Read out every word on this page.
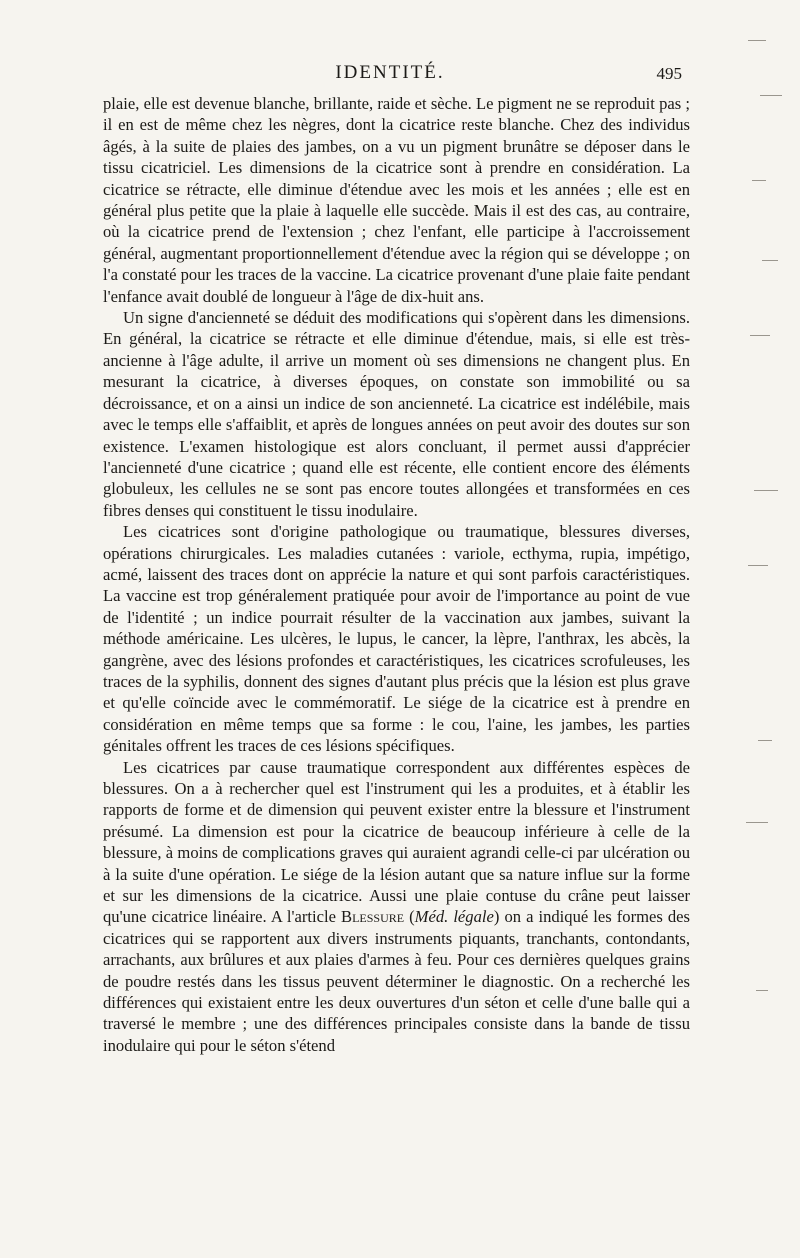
IDENTITÉ.	495

plaie, elle est devenue blanche, brillante, raide et sèche. Le pigment ne se reproduit pas ; il en est de même chez les nègres, dont la cicatrice reste blanche. Chez des individus âgés, à la suite de plaies des jambes, on a vu un pigment brunâtre se déposer dans le tissu cicatriciel. Les dimensions de la cicatrice sont à prendre en considération. La cicatrice se rétracte, elle diminue d'étendue avec les mois et les années ; elle est en général plus petite que la plaie à laquelle elle succède. Mais il est des cas, au contraire, où la cicatrice prend de l'extension ; chez l'enfant, elle participe à l'accroissement général, augmentant proportionnellement d'étendue avec la région qui se développe ; on l'a constaté pour les traces de la vaccine. La cicatrice provenant d'une plaie faite pendant l'enfance avait doublé de longueur à l'âge de dix-huit ans.

Un signe d'ancienneté se déduit des modifications qui s'opèrent dans les dimensions. En général, la cicatrice se rétracte et elle diminue d'étendue, mais, si elle est très-ancienne à l'âge adulte, il arrive un moment où ses dimensions ne changent plus. En mesurant la cicatrice, à diverses époques, on constate son immobilité ou sa décroissance, et on a ainsi un indice de son ancienneté. La cicatrice est indélébile, mais avec le temps elle s'affaiblit, et après de longues années on peut avoir des doutes sur son existence. L'examen histologique est alors concluant, il permet aussi d'apprécier l'ancienneté d'une cicatrice ; quand elle est récente, elle contient encore des éléments globuleux, les cellules ne se sont pas encore toutes allongées et transformées en ces fibres denses qui constituent le tissu inodulaire.

Les cicatrices sont d'origine pathologique ou traumatique, blessures diverses, opérations chirurgicales. Les maladies cutanées : variole, ecthyma, rupia, impétigo, acmé, laissent des traces dont on apprécie la nature et qui sont parfois caractéristiques. La vaccine est trop généralement pratiquée pour avoir de l'importance au point de vue de l'identité ; un indice pourrait résulter de la vaccination aux jambes, suivant la méthode américaine. Les ulcères, le lupus, le cancer, la lèpre, l'anthrax, les abcès, la gangrène, avec des lésions profondes et caractéristiques, les cicatrices scrofuleuses, les traces de la syphilis, donnent des signes d'autant plus précis que la lésion est plus grave et qu'elle coïncide avec le commémoratif. Le siége de la cicatrice est à prendre en considération en même temps que sa forme : le cou, l'aine, les jambes, les parties génitales offrent les traces de ces lésions spécifiques.

Les cicatrices par cause traumatique correspondent aux différentes espèces de blessures. On a à rechercher quel est l'instrument qui les a produites, et à établir les rapports de forme et de dimension qui peuvent exister entre la blessure et l'instrument présumé. La dimension est pour la cicatrice de beaucoup inférieure à celle de la blessure, à moins de complications graves qui auraient agrandi celle-ci par ulcération ou à la suite d'une opération. Le siége de la lésion autant que sa nature influe sur la forme et sur les dimensions de la cicatrice. Aussi une plaie contuse du crâne peut laisser qu'une cicatrice linéaire. A l'article Blessure (Méd. légale) on a indiqué les formes des cicatrices qui se rapportent aux divers instruments piquants, tranchants, contondants, arrachants, aux brûlures et aux plaies d'armes à feu. Pour ces dernières quelques grains de poudre restés dans les tissus peuvent déterminer le diagnostic. On a recherché les différences qui existaient entre les deux ouvertures d'un séton et celle d'une balle qui a traversé le membre ; une des différences principales consiste dans la bande de tissu inodulaire qui pour le séton s'étend
